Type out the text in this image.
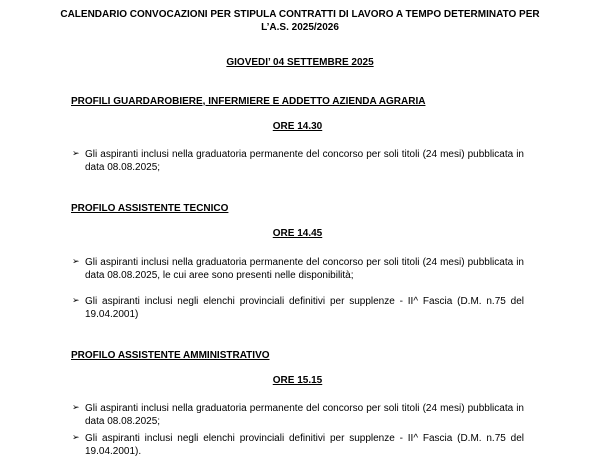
CALENDARIO CONVOCAZIONI PER STIPULA CONTRATTI DI LAVORO A TEMPO DETERMINATO PER L’A.S. 2025/2026
GIOVEDI’ 04 SETTEMBRE 2025
PROFILI GUARDAROBIERE, INFERMIERE E ADDETTO AZIENDA AGRARIA
ORE 14.30
➢ Gli aspiranti inclusi nella graduatoria permanente del concorso per soli titoli (24 mesi) pubblicata in data 08.08.2025;
PROFILO ASSISTENTE TECNICO
ORE 14.45
➢ Gli aspiranti inclusi nella graduatoria permanente del concorso per soli titoli (24 mesi) pubblicata in data 08.08.2025, le cui aree sono presenti nelle disponibilità;
➢ Gli aspiranti inclusi negli elenchi provinciali definitivi per supplenze - II^ Fascia (D.M. n.75 del 19.04.2001)
PROFILO ASSISTENTE AMMINISTRATIVO
ORE 15.15
➢ Gli aspiranti inclusi nella graduatoria permanente del concorso per soli titoli (24 mesi) pubblicata in data 08.08.2025;
➢ Gli aspiranti inclusi negli elenchi provinciali definitivi per supplenze - II^ Fascia (D.M. n.75 del 19.04.2001).
